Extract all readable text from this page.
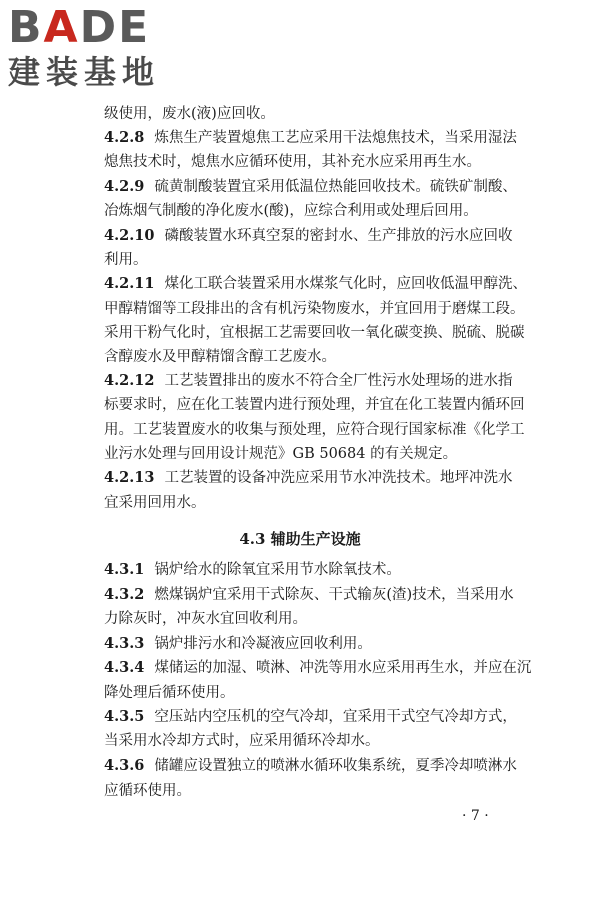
BADE
建装基地
4.3 辅助生产设施
· 7 ·
级使用，废水(液)应回收。
4.2.8 炼焦生产装置熄焦工艺应采用干法熄焦技术，当采用湿法
熄焦技术时，熄焦水应循环使用，其补充水应采用再生水。
4.2.9 硫黄制酸装置宜采用低温位热能回收技术。硫铁矿制酸、
冶炼烟气制酸的净化废水(酸)，应综合利用或处理后回用。
4.2.10 磷酸装置水环真空泵的密封水、生产排放的污水应回收
利用。
4.2.11 煤化工联合装置采用水煤浆气化时，应回收低温甲醇洗、
甲醇精馏等工段排出的含有机污染物废水，并宜回用于磨煤工段。
采用干粉气化时，宜根据工艺需要回收一氧化碳变换、脱硫、脱碳
含醇废水及甲醇精馏含醇工艺废水。
4.2.12 工艺装置排出的废水不符合全厂性污水处理场的进水指
标要求时，应在化工装置内进行预处理，并宜在化工装置内循环回
用。工艺装置废水的收集与预处理，应符合现行国家标准《化学工
业污水处理与回用设计规范》GB 50684 的有关规定。
4.2.13 工艺装置的设备冲洗应采用节水冲洗技术。地坪冲洗水
宜采用回用水。
4.3.1 锅炉给水的除氧宜采用节水除氧技术。
4.3.2 燃煤锅炉宜采用干式除灰、干式输灰(渣)技术，当采用水
力除灰时，冲灰水宜回收利用。
4.3.3 锅炉排污水和冷凝液应回收利用。
4.3.4 煤储运的加湿、喷淋、冲洗等用水应采用再生水，并应在沉
降处理后循环使用。
4.3.5 空压站内空压机的空气冷却，宜采用干式空气冷却方式，
当采用水冷却方式时，应采用循环冷却水。
4.3.6 储罐应设置独立的喷淋水循环收集系统，夏季冷却喷淋水
应循环使用。
